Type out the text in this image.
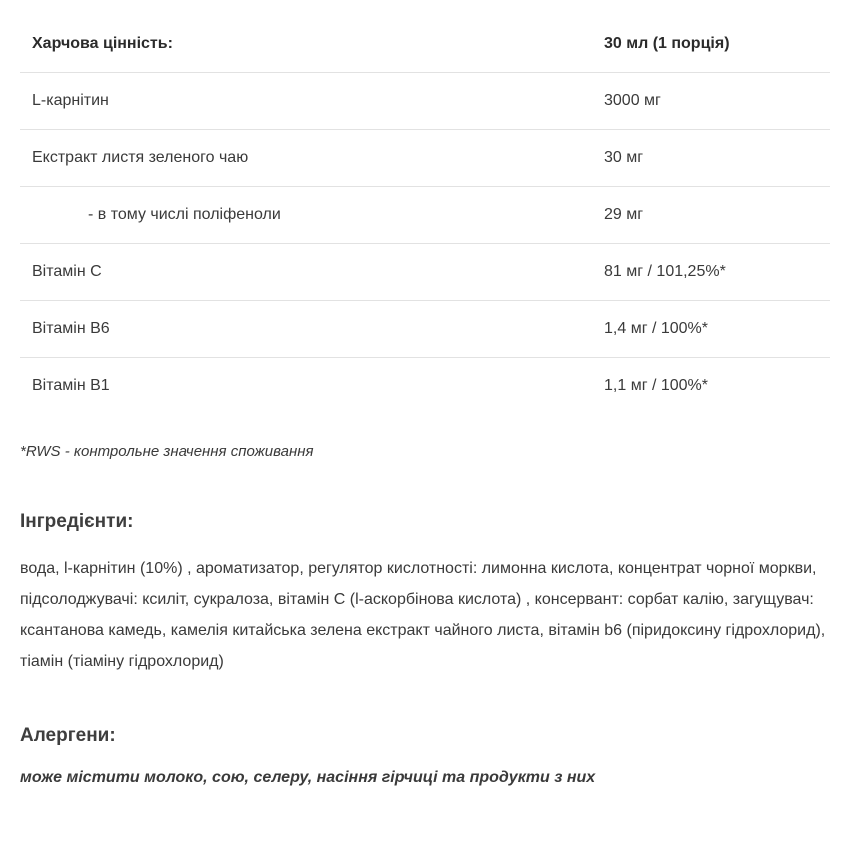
Харчова цінність:	30 мл (1 порція)
L-карнітин	3000 мг
Екстракт листя зеленого чаю	30 мг
- в тому числі поліфеноли	29 мг
Вітамін С	81 мг / 101,25%*
Вітамін В6	1,4 мг / 100%*
Вітамін В1	1,1 мг / 100%*
*RWS - контрольне значення споживання
Інгредієнти:

вода, l-карнітин (10%) , ароматизатор, регулятор кислотності: лимонна кислота, концентрат чорної моркви, підсолоджувачі: ксиліт, сукралоза, вітамін С (l-аскорбінова кислота) , консервант: сорбат калію, загущувач: ксантанова камедь, камелія китайська зелена екстракт чайного листа, вітамін b6 (піридоксину гідрохлорид), тіамін (тіаміну гідрохлорид)

Алергени:

може містити молоко, сою, селеру, насіння гірчиці та продукти з них
